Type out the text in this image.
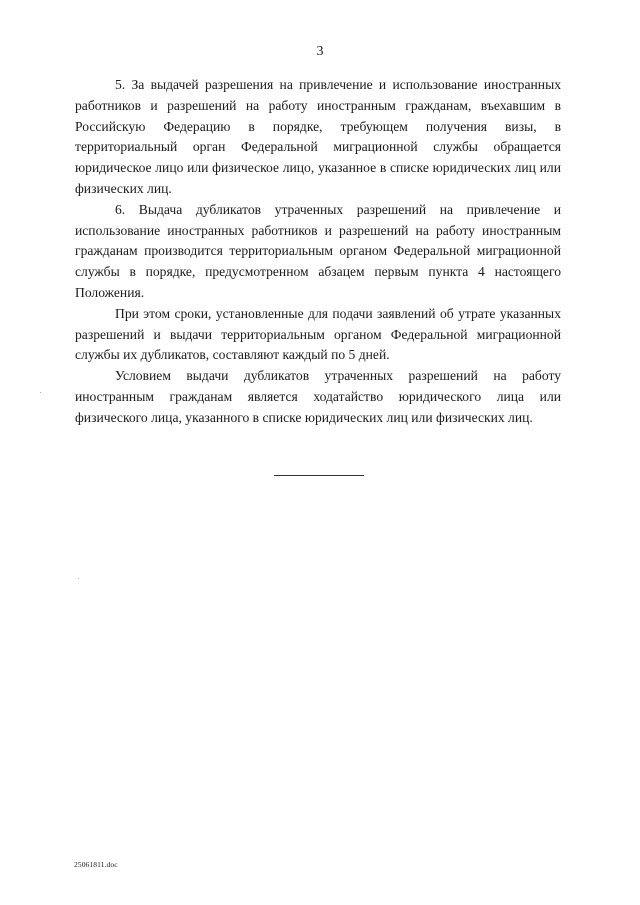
3

5. За выдачей разрешения на привлечение и использование иностранных работников и разрешений на работу иностранным гражданам, въехавшим в Российскую Федерацию в порядке, требующем получения визы, в территориальный орган Федеральной миграционной службы обращается юридическое лицо или физическое лицо, указанное в списке юридических лиц или физических лиц.

6. Выдача дубликатов утраченных разрешений на привлечение и использование иностранных работников и разрешений на работу иностранным гражданам производится территориальным органом Федеральной миграционной службы в порядке, предусмотренном абзацем первым пункта 4 настоящего Положения.

При этом сроки, установленные для подачи заявлений об утрате указанных разрешений и выдачи территориальным органом Федеральной миграционной службы их дубликатов, составляют каждый по 5 дней.

Условием выдачи дубликатов утраченных разрешений на работу иностранным гражданам является ходатайство юридического лица или физического лица, указанного в списке юридических лиц или физических лиц.

25061811.doc
